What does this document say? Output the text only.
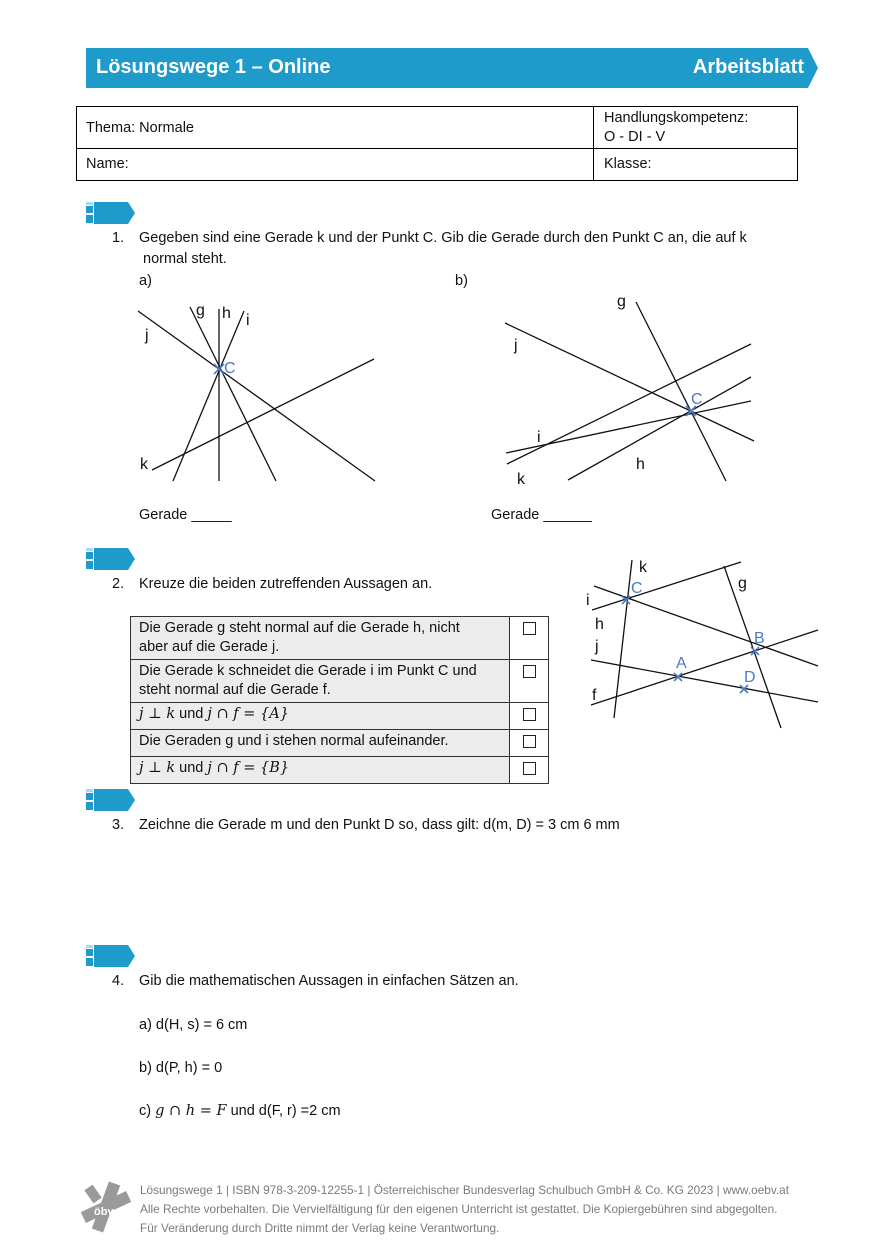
Lösungswege 1 – Online	Arbeitsblatt
Thema: Normale
Handlungskompetenz:
O - DI - V
Name:	Klasse:
1. Gegeben sind eine Gerade k und der Punkt C. Gib die Gerade durch den Punkt C an, die auf k
normal steht.
a)	b)
g h i
j
k
g
j
i
h
k
C
C
Gerade _____	Gerade ______
2. Kreuze die beiden zutreffenden Aussagen an.
Die Gerade g steht normal auf die Gerade h, nicht
aber auf die Gerade j.	
Die Gerade k schneidet die Gerade i im Punkt C und
steht normal auf die Gerade f.	
j ⊥ k und j ∩ f = {A}	
Die Geraden g und i stehen normal aufeinander.	
j ⊥ k und j ∩ f = {B}	
k
g
i
h
j
f
C
B
A
D
3. Zeichne die Gerade m und den Punkt D so, dass gilt: d(m, D) = 3 cm 6 mm
4. Gib die mathematischen Aussagen in einfachen Sätzen an.
a) d(H, s) = 6 cm
b) d(P, h) = 0
c) g ∩ h = F und d(F, r) =2 cm
öbv
Lösungswege 1 | ISBN 978-3-209-12255-1 | Österreichischer Bundesverlag Schulbuch GmbH & Co. KG 2023 | www.oebv.at
Alle Rechte vorbehalten. Die Vervielfältigung für den eigenen Unterricht ist gestattet. Die Kopiergebühren sind abgegolten.
Für Veränderung durch Dritte nimmt der Verlag keine Verantwortung.
